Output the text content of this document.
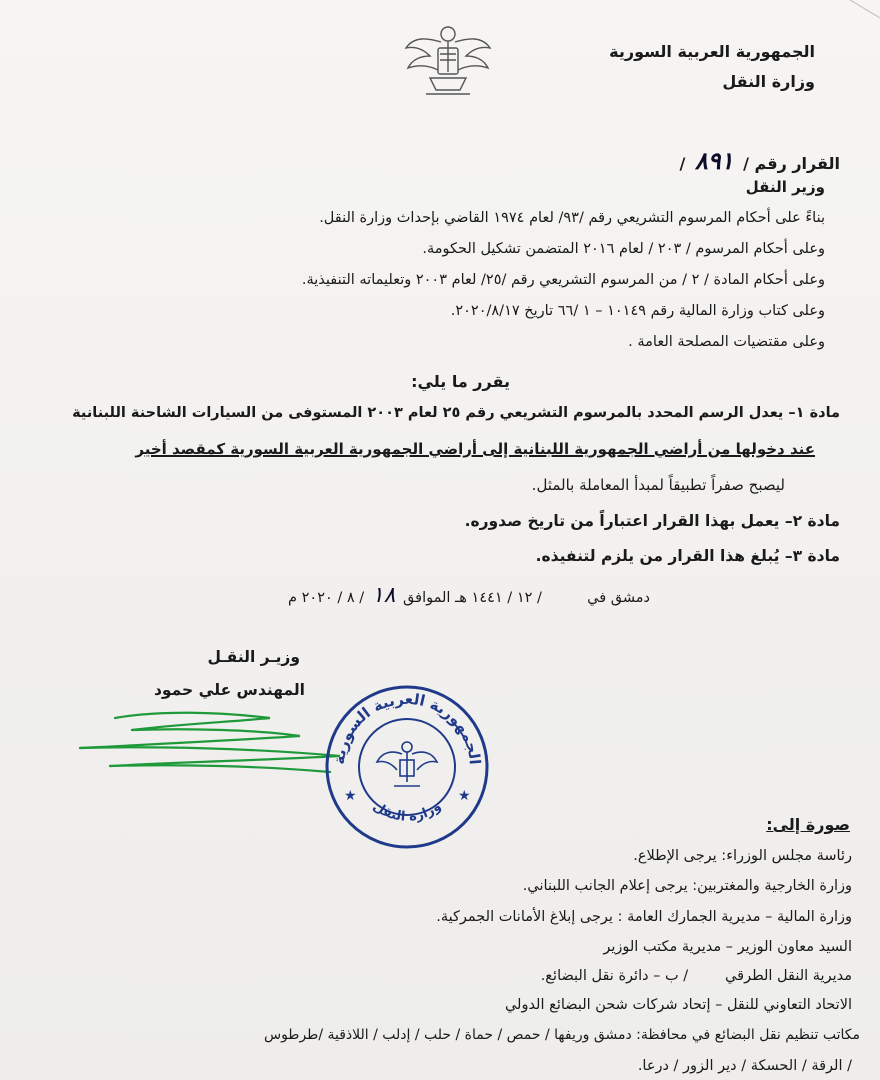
الجمهورية العربية السورية
وزارة النقل
القرار رقم / ٨٩١ /
وزير النقل
بناءً على أحكام المرسوم التشريعي رقم /٩٣/ لعام ١٩٧٤ القاضي بإحداث وزارة النقل.
وعلى أحكام المرسوم / ٢٠٣ / لعام ٢٠١٦ المتضمن تشكيل الحكومة.
وعلى أحكام المادة / ٢ / من المرسوم التشريعي رقم /٢٥/ لعام ٢٠٠٣ وتعليماته التنفيذية.
وعلى كتاب وزارة المالية رقم ١٠١٤٩ – ١ /٦٦ تاريخ ٢٠٢٠/٨/١٧.
وعلى مقتضيات المصلحة العامة .
يقرر ما يلي:
مادة ١– يعدل الرسم المحدد بالمرسوم التشريعي رقم ٢٥ لعام ٢٠٠٣ المستوفى من السيارات الشاحنة اللبنانية
عند دخولها من أراضي الجمهورية اللبنانية إلى أراضي الجمهورية العربية السورية كمقصد أخير
ليصبح صفراً تطبيقاً لمبدأ المعاملة بالمثل.
مادة ٢– يعمل بهذا القرار اعتباراً من تاريخ صدوره.
مادة ٣– يُبلغ هذا القرار من يلزم لتنفيذه.
دمشق في  / ١٢ / ١٤٤١ هـ الموافق ١٨ / ٨ / ٢٠٢٠ م
وزيـر النقـل
المهندس علي حمود
الجمهورية العربية السورية
وزارة النقل
★	★
صورة إلى:
رئاسة مجلس الوزراء: يرجى الإطلاع.
وزارة الخارجية والمغتربين: يرجى إعلام الجانب اللبناني.
وزارة المالية – مديرية الجمارك العامة : يرجى إبلاغ الأمانات الجمركية.
السيد معاون الوزير – مديرية مكتب الوزير
مديرية النقل الطرقي        / ب – دائرة نقل البضائع.
الاتحاد التعاوني للنقل – إتحاد شركات شحن البضائع الدولي
مكاتب تنظيم نقل البضائع في محافظة: دمشق وريفها / حمص / حماة / حلب / إدلب / اللاذقية /طرطوس
/ الرقة / الحسكة / دير الزور / درعا.
